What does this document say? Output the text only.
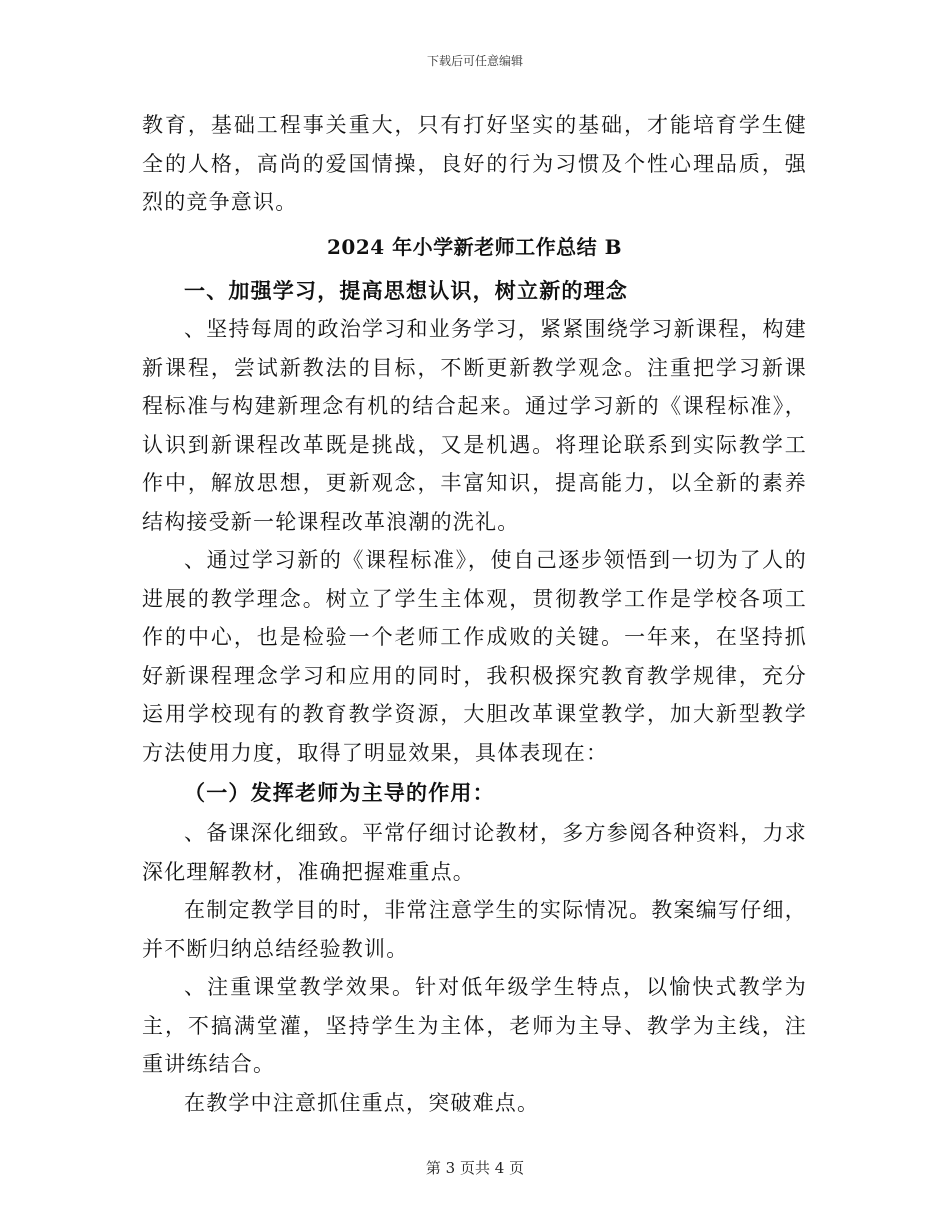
下载后可任意编辑

教育，基础工程事关重大，只有打好坚实的基础，才能培育学生健全的人格，高尚的爱国情操，良好的行为习惯及个性心理品质，强烈的竞争意识。

2024 年小学新老师工作总结 B

一、加强学习，提高思想认识，树立新的理念

、坚持每周的政治学习和业务学习，紧紧围绕学习新课程，构建新课程，尝试新教法的目标，不断更新教学观念。注重把学习新课程标准与构建新理念有机的结合起来。通过学习新的《课程标准》，认识到新课程改革既是挑战，又是机遇。将理论联系到实际教学工作中，解放思想，更新观念，丰富知识，提高能力，以全新的素养结构接受新一轮课程改革浪潮的洗礼。

、通过学习新的《课程标准》，使自己逐步领悟到一切为了人的进展的教学理念。树立了学生主体观，贯彻教学工作是学校各项工作的中心，也是检验一个老师工作成败的关键。一年来，在坚持抓好新课程理念学习和应用的同时，我积极探究教育教学规律，充分运用学校现有的教育教学资源，大胆改革课堂教学，加大新型教学方法使用力度，取得了明显效果，具体表现在：

（一）发挥老师为主导的作用：

、备课深化细致。平常仔细讨论教材，多方参阅各种资料，力求深化理解教材，准确把握难重点。

在制定教学目的时，非常注意学生的实际情况。教案编写仔细，并不断归纳总结经验教训。

、注重课堂教学效果。针对低年级学生特点，以愉快式教学为主，不搞满堂灌，坚持学生为主体，老师为主导、教学为主线，注重讲练结合。

在教学中注意抓住重点，突破难点。

第 3 页共 4 页
